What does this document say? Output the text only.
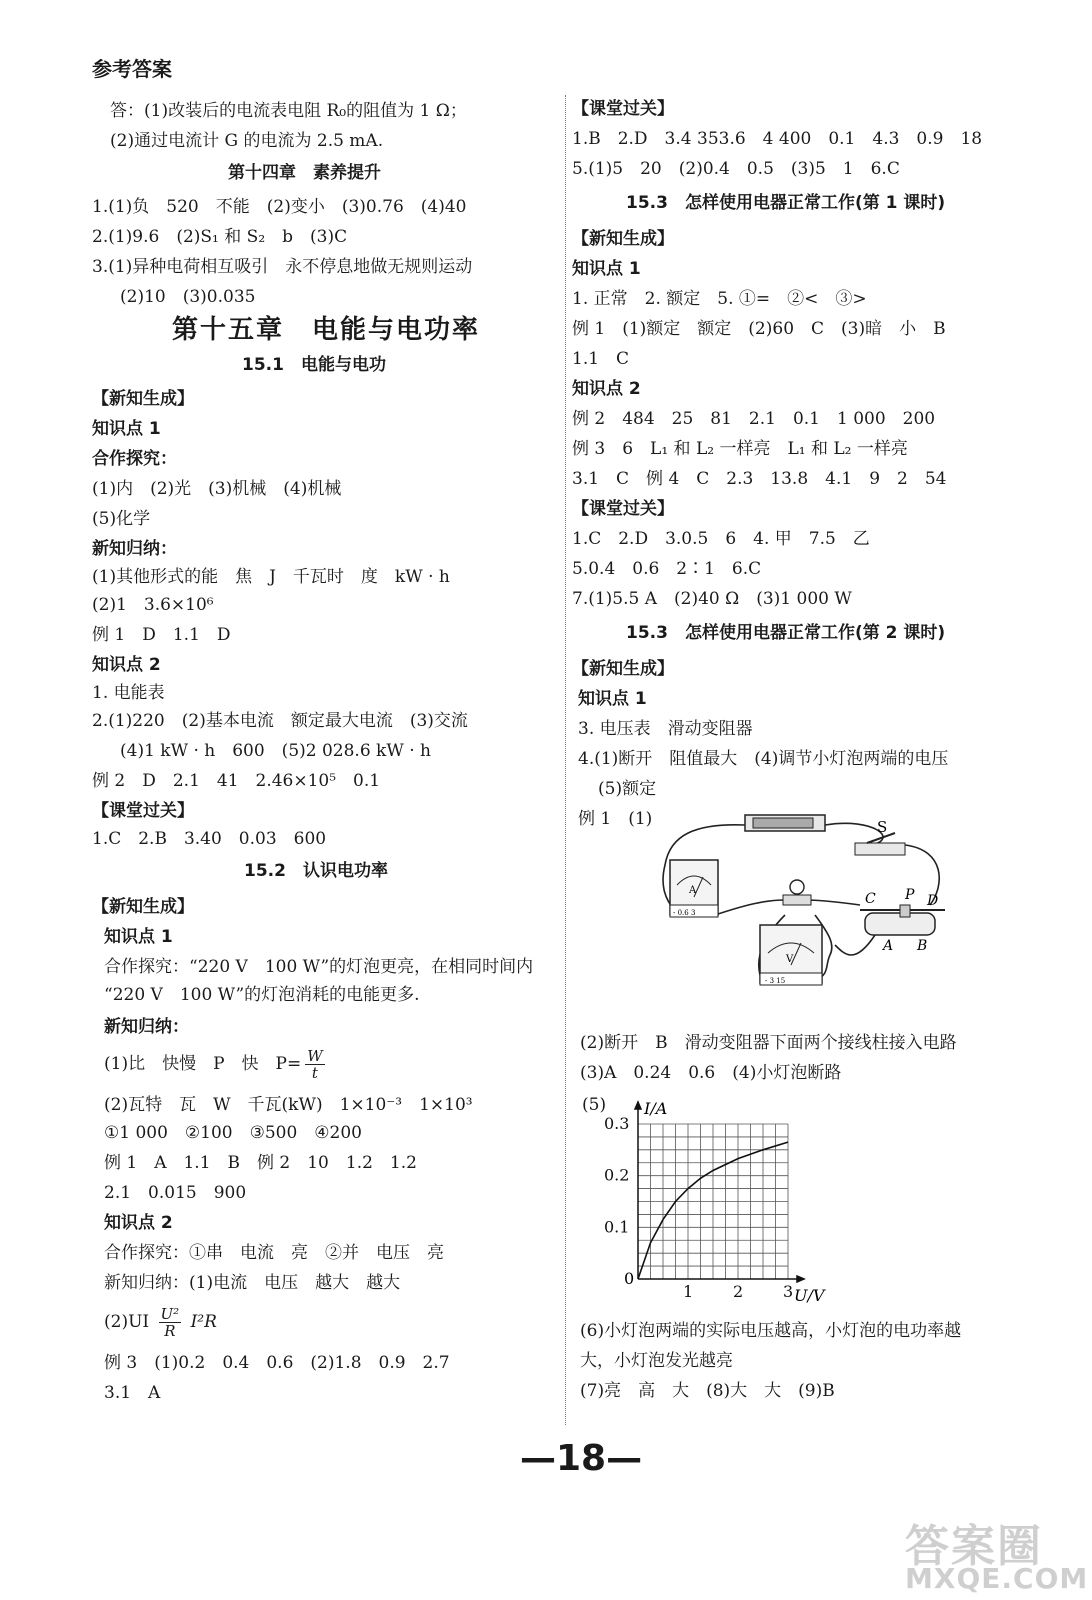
参考答案
答：(1)改装后的电流表电阻 R₀的阻值为 1 Ω；
(2)通过电流计 G 的电流为 2.5 mA.
第十四章　素养提升
1.(1)负　520　不能　(2)变小　(3)0.76　(4)40
2.(1)9.6　(2)S₁ 和 S₂　b　(3)C
3.(1)异种电荷相互吸引　永不停息地做无规则运动
(2)10　(3)0.035
第十五章　电能与电功率
15.1　电能与电功
【新知生成】
知识点 1
合作探究：
(1)内　(2)光　(3)机械　(4)机械
(5)化学
新知归纳：
(1)其他形式的能　焦　J　千瓦时　度　kW · h
(2)1　3.6×10⁶
例 1　D　1.1　D
知识点 2
1. 电能表
2.(1)220　(2)基本电流　额定最大电流　(3)交流
(4)1 kW · h　600　(5)2 028.6 kW · h
例 2　D　2.1　41　2.46×10⁵　0.1
【课堂过关】
1.C　2.B　3.40　0.03　600
15.2　认识电功率
【新知生成】
知识点 1
合作探究：“220 V　100 W”的灯泡更亮，在相同时间内
“220 V　100 W”的灯泡消耗的电能更多.
新知归纳：
(1)比　快慢　P　快　$P= \frac{W}{t}$
(2)瓦特　瓦　W　千瓦(kW)　1×10⁻³　1×10³
①1 000　②100　③500　④200
例 1　A　1.1　B　例 2　10　1.2　1.2
2.1　0.015　900
知识点 2
合作探究：①串　电流　亮　②并　电压　亮
新知归纳：(1)电流　电压　越大　越大
$(2)UI \frac{\text{U²}}{R} I^2R$
例 3　(1)0.2　0.4　0.6　(2)1.8　0.9　2.7
3.1　A
【课堂过关】
1.B　2.D　3.4 353.6　4 400　0.1　4.3　0.9　18
5.(1)5　20　(2)0.4　0.5　(3)5　1　6.C
15.3　怎样使用电器正常工作(第 1 课时)
【新知生成】
知识点 1
1. 正常　2. 额定　5. ①=　②<　③>
例 1　(1)额定　额定　(2)60　C　(3)暗　小　B
1.1　C
知识点 2
例 2　484　25　81　2.1　0.1　1 000　200
例 3　6　L₁ 和 L₂ 一样亮　L₁ 和 L₂ 一样亮
3.1　C　例 4　C　2.3　13.8　4.1　9　2　54
【课堂过关】
1.C　2.D　3.0.5　6　4. 甲　7.5　乙
5.0.4　0.6　2∶1　6.C
7.(1)5.5 A　(2)40 Ω　(3)1 000 W
15.3　怎样使用电器正常工作(第 2 课时)
【新知生成】
知识点 1
3. 电压表　滑动变阻器
4.(1)断开　阻值最大　(4)调节小灯泡两端的电压
(5)额定
例 1　(1)	S
A
- 0.6 3
V
- 3 15
C P D
A B
(2)断开　B　滑动变阻器下面两个接线柱接入电路
(3)A　0.24　0.6　(4)小灯泡断路
(5)
1 2 3
0.1
0.2
0.3
I/A
U/V
0
(6)小灯泡两端的实际电压越高，小灯泡的电功率越
大，小灯泡发光越亮
(7)亮　高　大　(8)大　大　(9)B
—18—
答案圈
MXQE.COM
